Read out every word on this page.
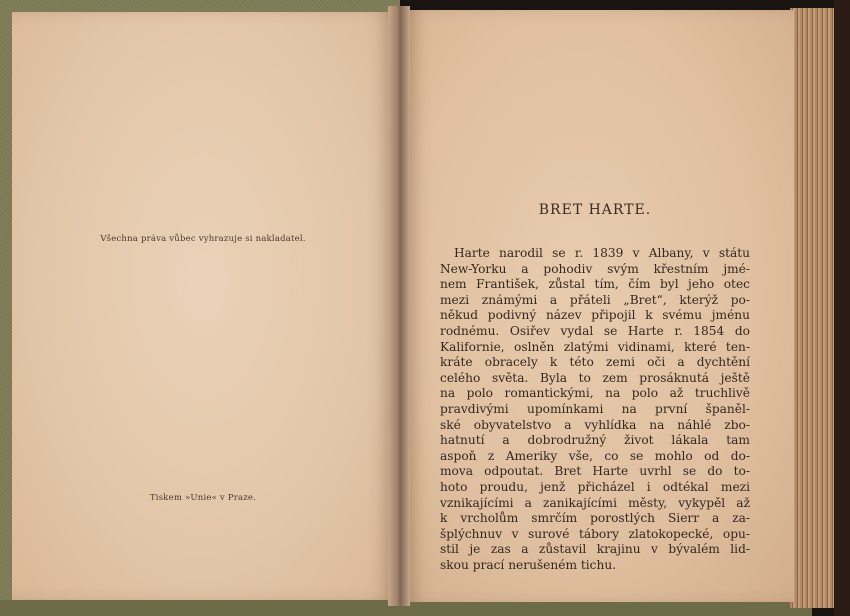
Všechna práva vůbec vyhrazuje si nakladatel.
Tiskem »Unie« v Praze.
BRET HARTE.
Harte narodil se r. 1839 v Albany, v státu
New-Yorku a pohodiv svým křestním jmé-
nem František, zůstal tím, čím byl jeho otec
mezi známými a přáteli „Bret“, kterýž po-
někud podivný název připojil k svému jménu
rodnému. Osiřev vydal se Harte r. 1854 do
Kalifornie, oslněn zlatými vidinami, které ten-
kráte obracely k této zemi oči a dychtění
celého světa. Byla to zem prosáknutá ještě
na polo romantickými, na polo až truchlivě
pravdivými upomínkami na první španěl-
ské obyvatelstvo a vyhlídka na náhlé zbo-
hatnutí a dobrodružný život lákala tam
aspoň z Ameriky vše, co se mohlo od do-
mova odpoutat. Bret Harte uvrhl se do to-
hoto proudu, jenž přicházel i odtékal mezi
vznikajícími a zanikajícími městy, vykypěl až
k vrcholům smrčím porostlých Sierr a za-
šplýchnuv v surové tábory zlatokopecké, opu-
stil je zas a zůstavil krajinu v bývalém lid-
skou prací nerušeném tichu.
